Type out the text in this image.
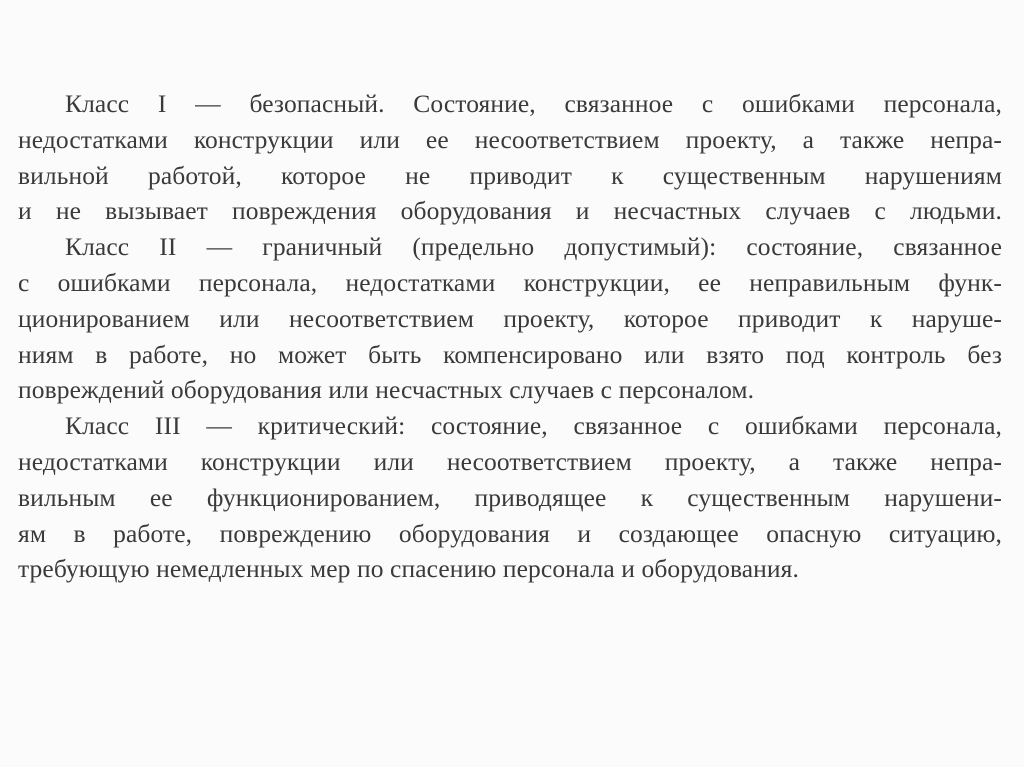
Класс I — безопасный. Состояние, связанное с ошибками персонала,
недостатками конструкции или ее несоответствием проекту, а также непра-
вильной работой, которое не приводит к существенным нарушениям
и не вызывает повреждения оборудования и несчастных случаев с людьми.
Класс II — граничный (предельно допустимый): состояние, связанное
с ошибками персонала, недостатками конструкции, ее неправильным функ-
ционированием или несоответствием проекту, которое приводит к наруше-
ниям в работе, но может быть компенсировано или взято под контроль без
повреждений оборудования или несчастных случаев с персоналом.
Класс III — критический: состояние, связанное с ошибками персонала,
недостатками конструкции или несоответствием проекту, а также непра-
вильным ее функционированием, приводящее к существенным нарушени-
ям в работе, повреждению оборудования и создающее опасную ситуацию,
требующую немедленных мер по спасению персонала и оборудования.
